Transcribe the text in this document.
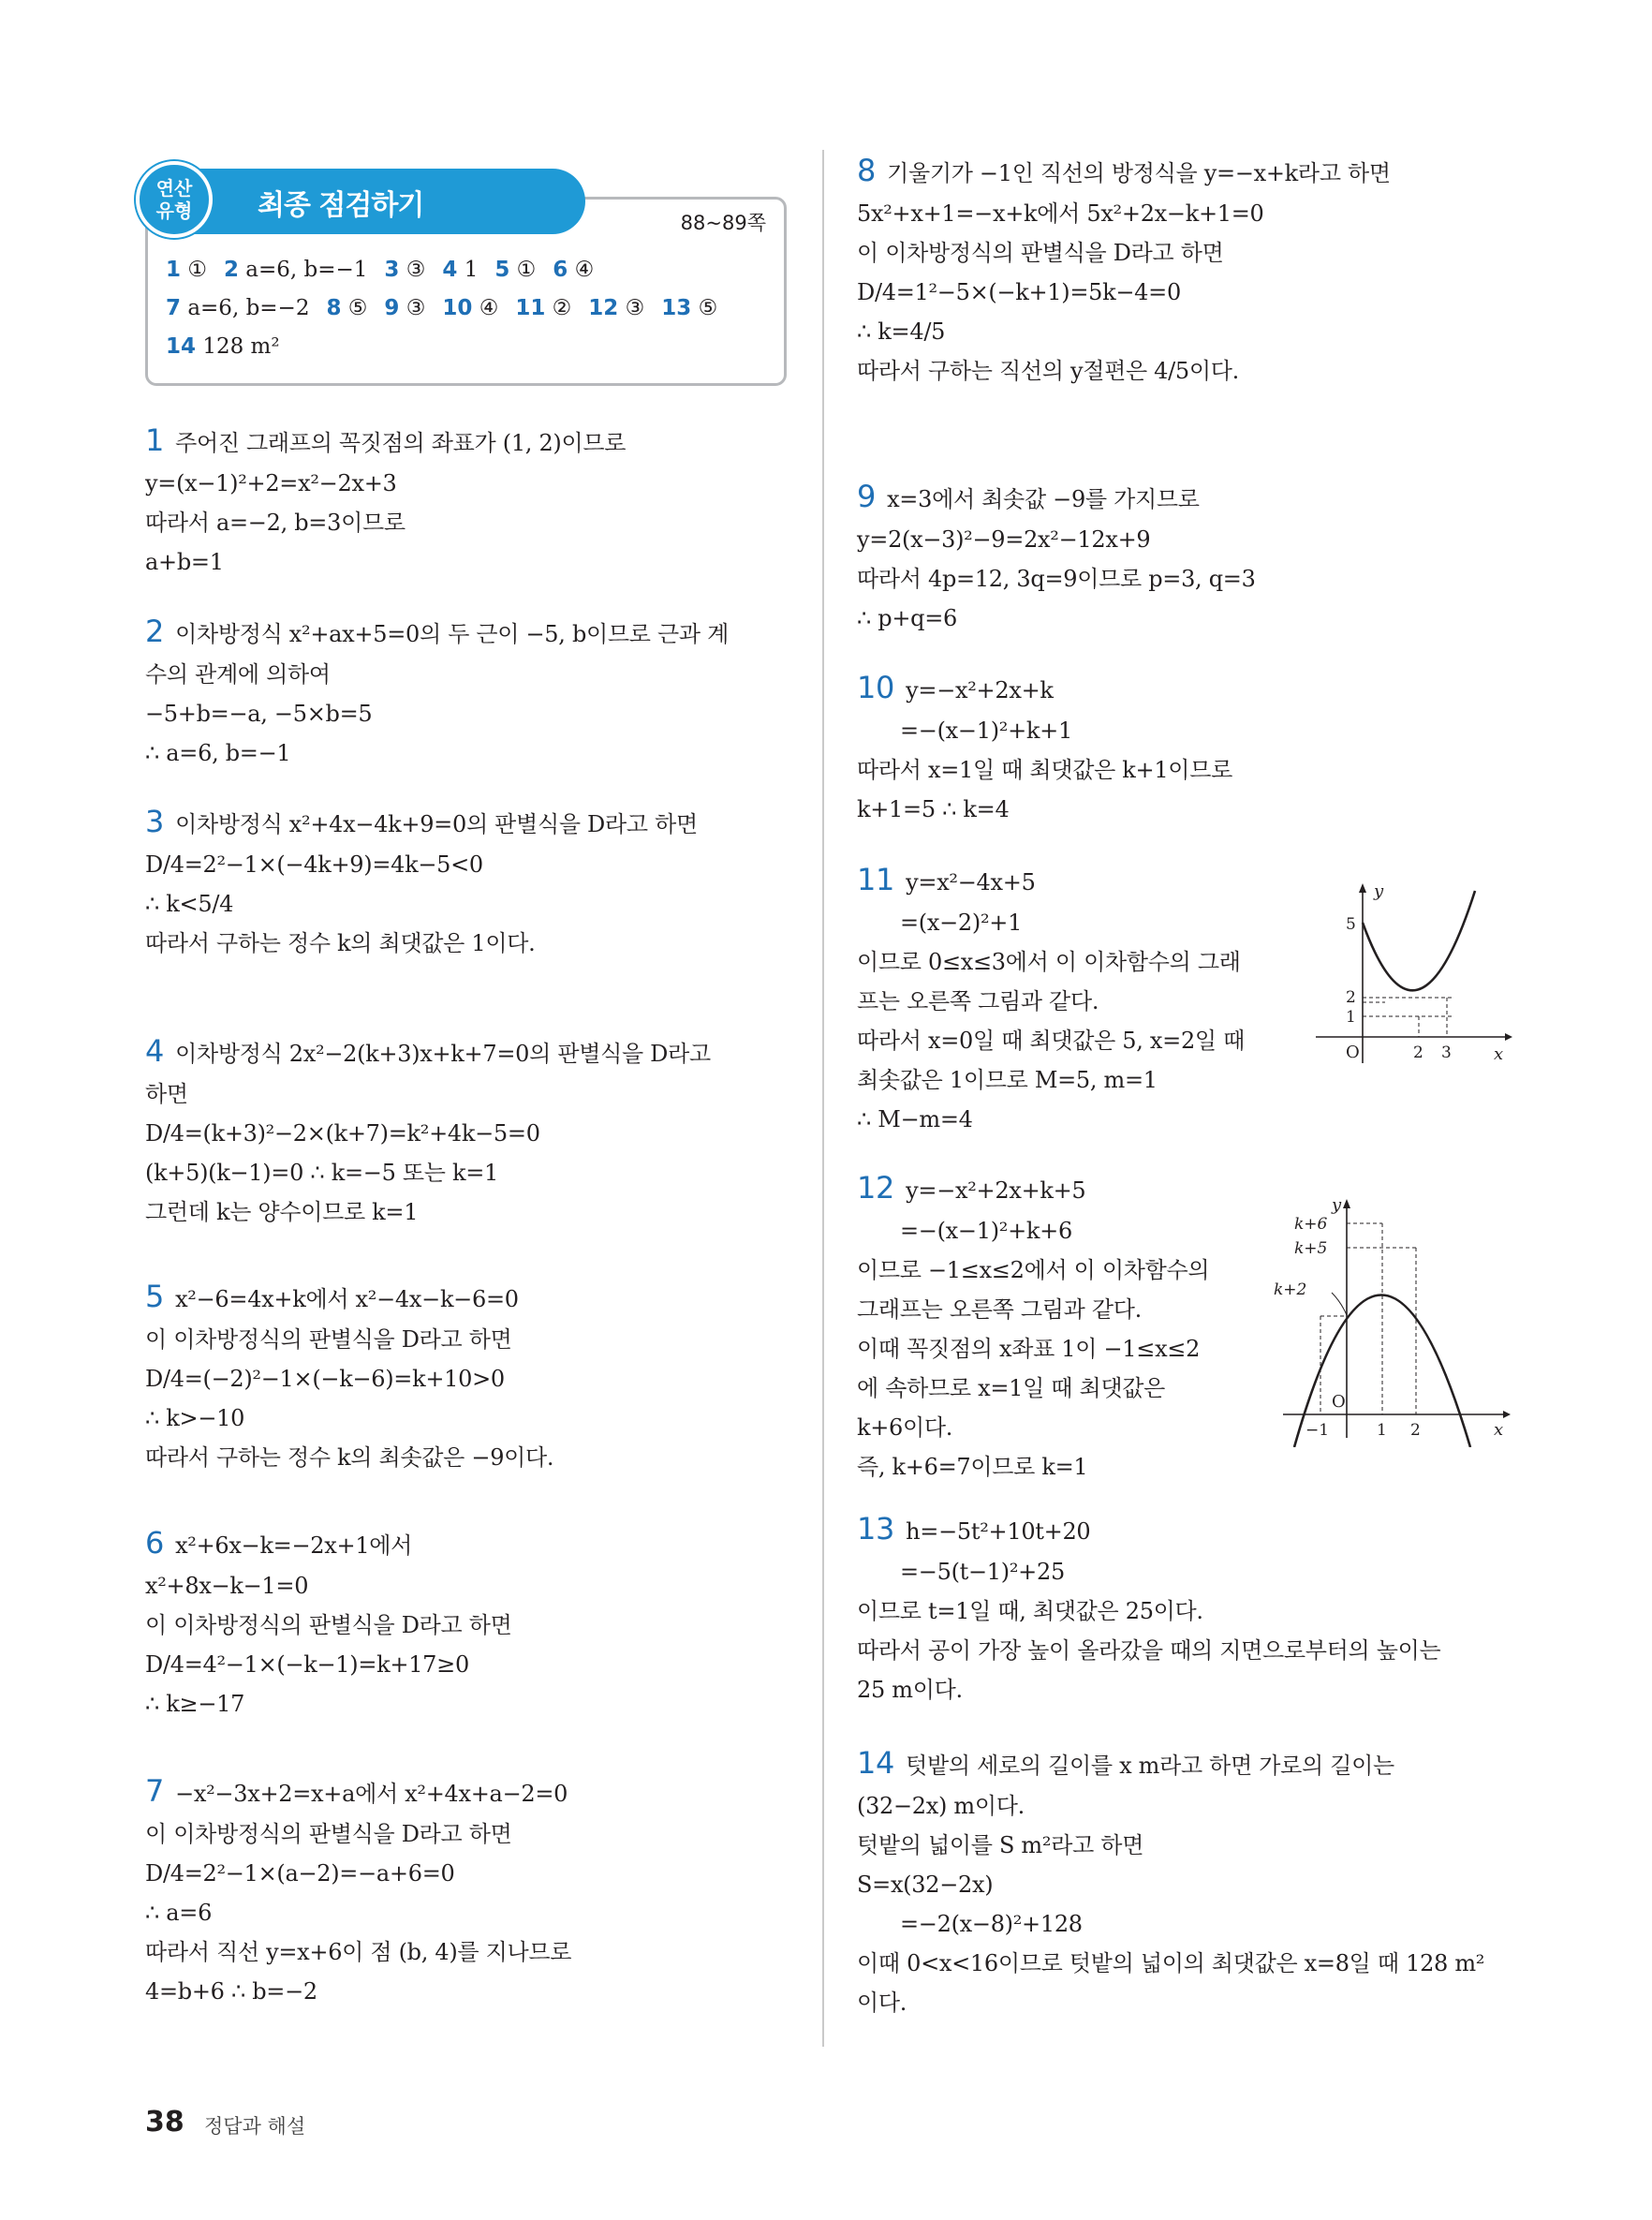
최종 점검하기
연산
유형
88~89쪽
1 ① 2 a=6, b=−1 3 ③ 4 1 5 ① 6 ④
7 a=6, b=−2 8 ⑤ 9 ③ 10 ④ 11 ② 12 ③ 13 ⑤
14 128 m²
1 주어진 그래프의 꼭짓점의 좌표가 (1, 2)이므로
y=(x−1)²+2=x²−2x+3
따라서 a=−2, b=3이므로
a+b=1
2 이차방정식 x²+ax+5=0의 두 근이 −5, b이므로 근과 계
수의 관계에 의하여
−5+b=−a, −5×b=5
∴ a=6, b=−1
3 이차방정식 x²+4x−4k+9=0의 판별식을 D라고 하면
D/4=2²−1×(−4k+9)=4k−5<0
∴ k<5/4
따라서 구하는 정수 k의 최댓값은 1이다.
4 이차방정식 2x²−2(k+3)x+k+7=0의 판별식을 D라고
하면
D/4=(k+3)²−2×(k+7)=k²+4k−5=0
(k+5)(k−1)=0 ∴ k=−5 또는 k=1
그런데 k는 양수이므로 k=1
5 x²−6=4x+k에서 x²−4x−k−6=0
이 이차방정식의 판별식을 D라고 하면
D/4=(−2)²−1×(−k−6)=k+10>0
∴ k>−10
따라서 구하는 정수 k의 최솟값은 −9이다.
6 x²+6x−k=−2x+1에서
x²+8x−k−1=0
이 이차방정식의 판별식을 D라고 하면
D/4=4²−1×(−k−1)=k+17≥0
∴ k≥−17
7 −x²−3x+2=x+a에서 x²+4x+a−2=0
이 이차방정식의 판별식을 D라고 하면
D/4=2²−1×(a−2)=−a+6=0
∴ a=6
따라서 직선 y=x+6이 점 (b, 4)를 지나므로
4=b+6 ∴ b=−2
8 기울기가 −1인 직선의 방정식을 y=−x+k라고 하면
5x²+x+1=−x+k에서 5x²+2x−k+1=0
이 이차방정식의 판별식을 D라고 하면
D/4=1²−5×(−k+1)=5k−4=0
∴ k=4/5
따라서 구하는 직선의 y절편은 4/5이다.
9 x=3에서 최솟값 −9를 가지므로
y=2(x−3)²−9=2x²−12x+9
따라서 4p=12, 3q=9이므로 p=3, q=3
∴ p+q=6
10 y=−x²+2x+k
=−(x−1)²+k+1
따라서 x=1일 때 최댓값은 k+1이므로
k+1=5 ∴ k=4
11 y=x²−4x+5
=(x−2)²+1
이므로 0≤x≤3에서 이 이차함수의 그래
프는 오른쪽 그림과 같다.
따라서 x=0일 때 최댓값은 5, x=2일 때
최솟값은 1이므로 M=5, m=1
∴ M−m=4
12 y=−x²+2x+k+5
=−(x−1)²+k+6
이므로 −1≤x≤2에서 이 이차함수의
그래프는 오른쪽 그림과 같다.
이때 꼭짓점의 x좌표 1이 −1≤x≤2
에 속하므로 x=1일 때 최댓값은
k+6이다.
즉, k+6=7이므로 k=1
13 h=−5t²+10t+20
=−5(t−1)²+25
이므로 t=1일 때, 최댓값은 25이다.
따라서 공이 가장 높이 올라갔을 때의 지면으로부터의 높이는
25 m이다.
14 텃밭의 세로의 길이를 x m라고 하면 가로의 길이는
(32−2x) m이다.
텃밭의 넓이를 S m²라고 하면
S=x(32−2x)
=−2(x−8)²+128
이때 0<x<16이므로 텃밭의 넓이의 최댓값은 x=8일 때 128 m²
이다.
y
x
O
5
2
1
2 3
y
x
O
k+6
k+5
k+2
−1	1 2
38 정답과 해설
